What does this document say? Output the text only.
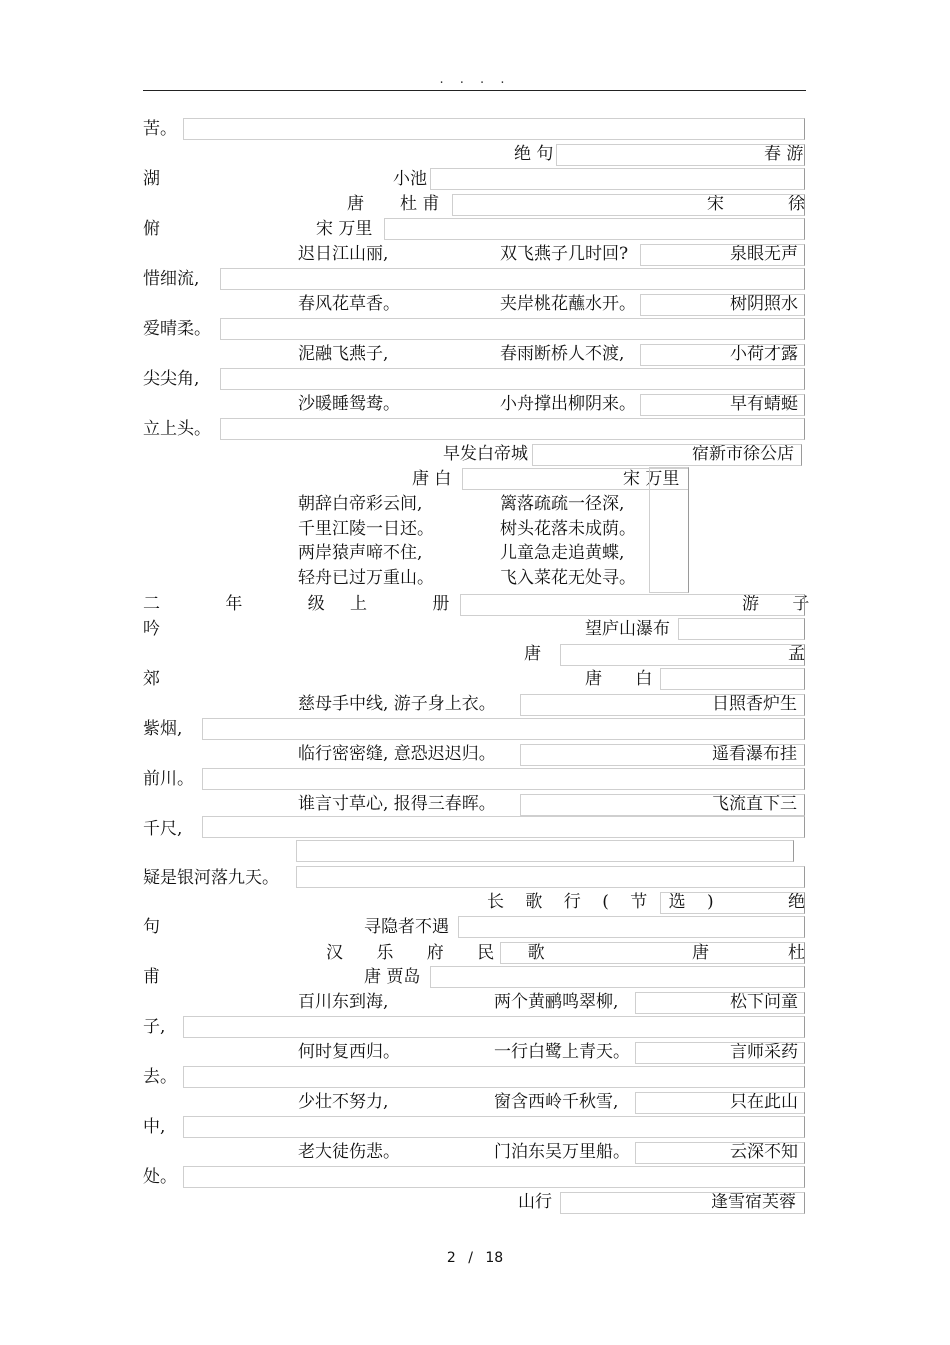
. . . .
苦。
绝 句	春 游
湖	小池
唐 杜 甫	宋	徐
俯	宋 万里
迟日江山丽,	双飞燕子几时回?	泉眼无声
惜细流,
春风花草香。	夹岸桃花蘸水开。	树阴照水
爱晴柔。
泥融飞燕子,	春雨断桥人不渡,	小荷才露
尖尖角,
沙暖睡鸳鸯。	小舟撑出柳阴来。	早有蜻蜓
立上头。
早发白帝城	宿新市徐公店
唐 白	宋 万里
朝辞白帝彩云间,	篱落疏疏一径深,
千里江陵一日还。	树头花落未成荫。
两岸猿声啼不住,	儿童急走追黄蝶,
轻舟已过万重山。	飞入菜花无处寻。
二 年 级
上 册	游 子
吟	望庐山瀑布
唐	孟
郊	唐 白
慈母手中线, 游子身上衣。	日照香炉生
紫烟,
临行密密缝, 意恐迟迟归。	遥看瀑布挂
前川。
谁言寸草心, 报得三春晖。	飞流直下三
千尺,
疑是银河落九天。
长 歌 行 ( 节 选 )	绝
句	寻隐者不遇
汉 乐 府 民 歌	唐	杜
甫	唐 贾岛
百川东到海,	两个黄鹂鸣翠柳,	松下问童
子,
何时复西归。	一行白鹭上青天。	言师采药
去。
少壮不努力,	窗含西岭千秋雪,	只在此山
中,
老大徒伤悲。	门泊东吴万里船。	云深不知
处。
山行	逢雪宿芙蓉
2 / 18
